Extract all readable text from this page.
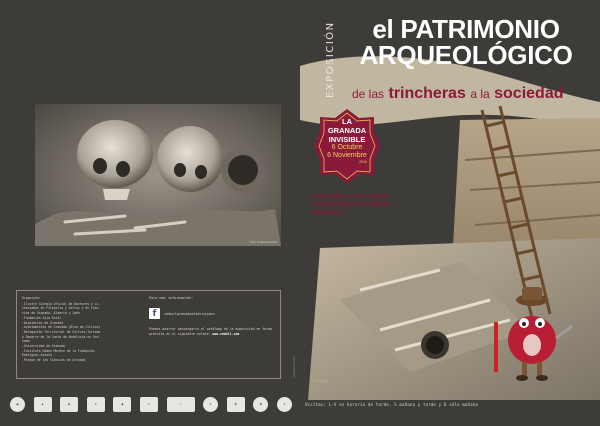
Foto: Antonio Cortés
Organizan:
-Ilustre Colegio Oficial de Doctores y Li-
cenciados en Filosofía y Letras y en Cien-
cias de Granada, Almería y Jaén
-Fundación Caja Rural
-Diputación de Granada
-Ayuntamiento de Granada (Área de Cultura)
-Delegación Territorial de Cultura,Turismo
y Deporte de la Junta de Andalucía en Gra-
nada
-Universidad de Granada
-Instituto Gómez Moreno de la Fundación
Rodríguez-Acosta
-Parque de las Ciencias de Granada
Para más información:
f	cedoclgranadaalmeriajaen
Puedes ahorrar descargarte el catálogo de la exposición en forma gratuita en el siguiente enlace: www.cedoll.com
◉	▲	■	●	◆	✦	◇	✶	✚	✹	☀
Fotografía: Portada
EXPOSICIÓN	el PATRIMONIO
ARQUEOLÓGICO
de las trincheras a la sociedad
LA
GRANADA
INVISIBLE
6 Octubre
6 Noviembre
2016
Sala Zaida en Puerta Real
FUNDACIÓN CAJA RURAL
GRANADA
Foto: José Luis
Visitas: L-V en horario de tarde, S mañana y tarde y D sólo mañana
